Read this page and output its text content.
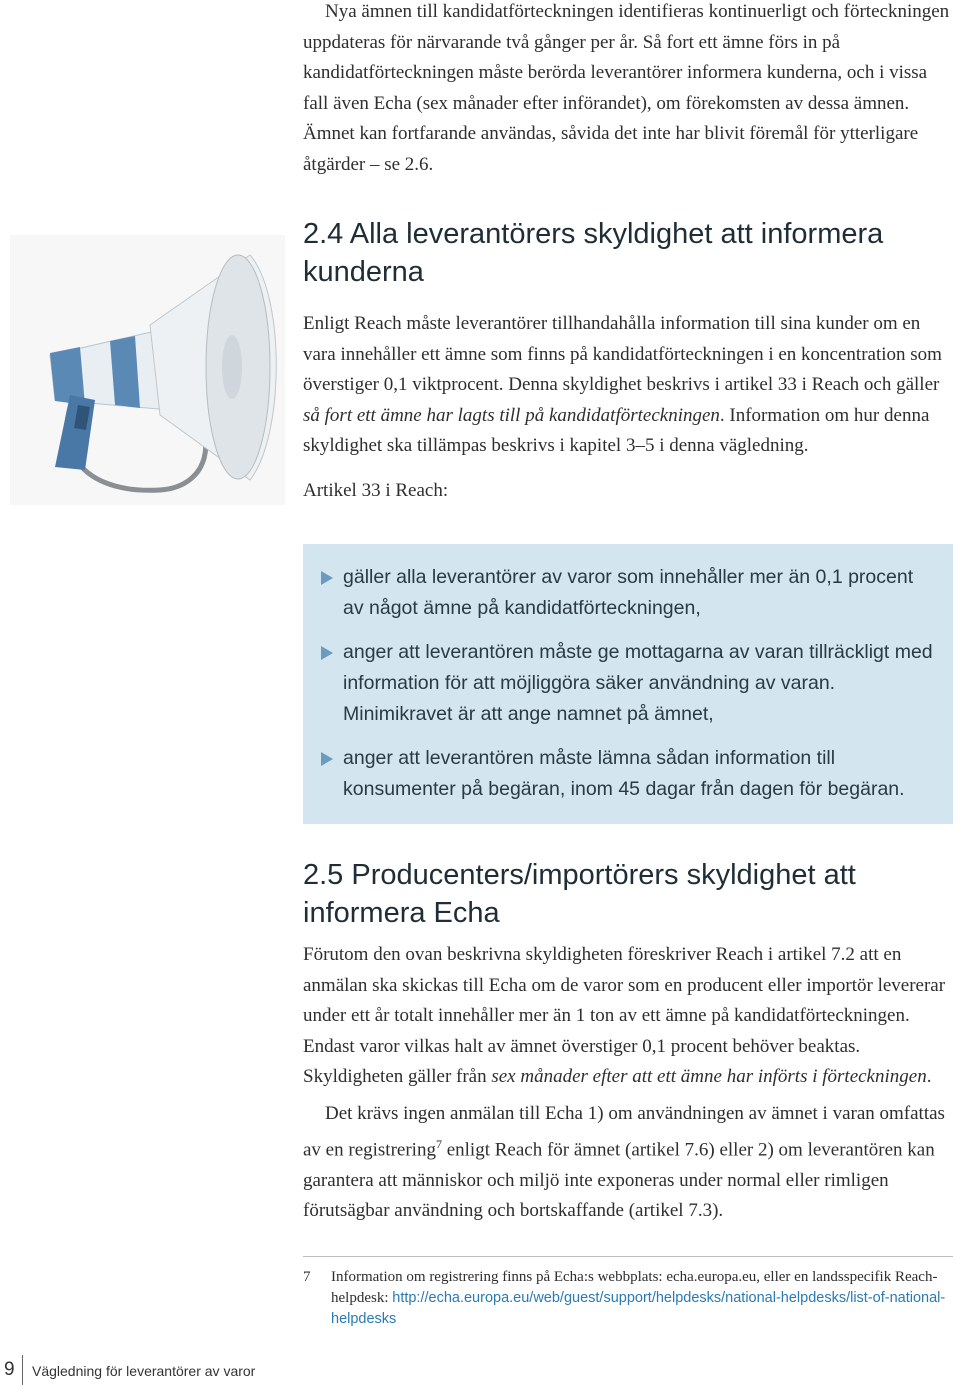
Nya ämnen till kandidatförteckningen identifieras kontinuerligt och förteckningen uppdateras för närvarande två gånger per år. Så fort ett ämne förs in på kandidatförteckningen måste berörda leverantörer informera kunderna, och i vissa fall även Echa (sex månader efter införandet), om förekomsten av dessa ämnen. Ämnet kan fortfarande användas, såvida det inte har blivit föremål för ytterligare åtgärder – se 2.6.

2.4 Alla leverantörers skyldighet att informera kunderna

Enligt Reach måste leverantörer tillhandahålla information till sina kunder om en vara innehåller ett ämne som finns på kandidatförteckningen i en koncentration som överstiger 0,1 viktprocent. Denna skyldighet beskrivs i artikel 33 i Reach och gäller så fort ett ämne har lagts till på kandidatförteckningen. Information om hur denna skyldighet ska tillämpas beskrivs i kapitel 3–5 i denna vägledning.

Artikel 33 i Reach:

gäller alla leverantörer av varor som innehåller mer än 0,1 procent av något ämne på kandidatförteckningen,
anger att leverantören måste ge mottagarna av varan tillräckligt med information för att möjliggöra säker användning av varan. Minimikravet är att ange namnet på ämnet,
anger att leverantören måste lämna sådan information till konsumenter på begäran, inom 45 dagar från dagen för begäran.
2.5 Producenters/importörers skyldighet att informera Echa

Förutom den ovan beskrivna skyldigheten föreskriver Reach i artikel 7.2 att en anmälan ska skickas till Echa om de varor som en producent eller importör levererar under ett år totalt innehåller mer än 1 ton av ett ämne på kandidatförteckningen. Endast varor vilkas halt av ämnet överstiger 0,1 procent behöver beaktas. Skyldigheten gäller från sex månader efter att ett ämne har införts i förteckningen.

Det krävs ingen anmälan till Echa 1) om användningen av ämnet i varan omfattas av en registrering$^7$ enligt Reach för ämnet (artikel 7.6) eller 2) om leverantören kan garantera att människor och miljö inte exponeras under normal eller rimligen förutsägbar användning och bortskaffande (artikel 7.3).

7 Information om registrering finns på Echa:s webbplats: echa.europa.eu, eller en landsspecifik Reach-helpdesk: http://echa.europa.eu/web/guest/support/helpdesks/national-helpdesks/list-of-national-helpdesks
9 Vägledning för leverantörer av varor
